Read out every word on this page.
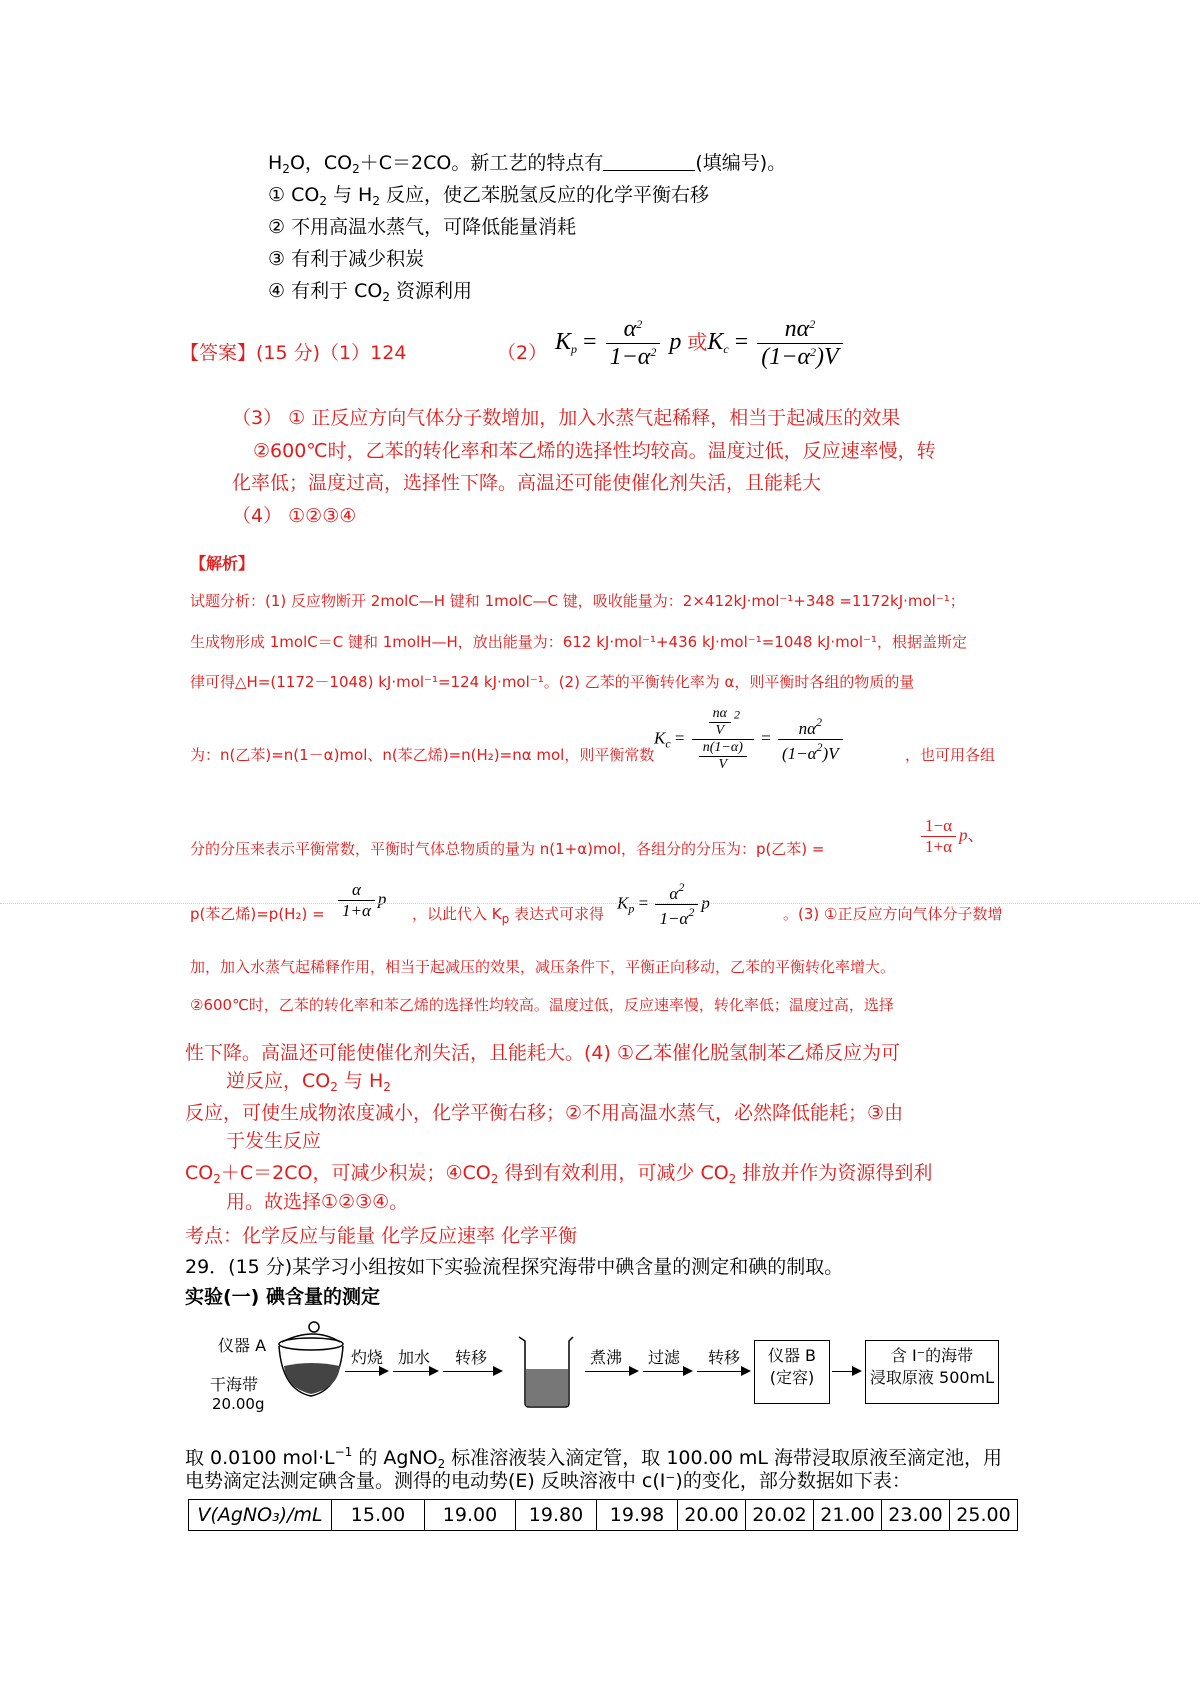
$H_2O$，$CO_2+C=2CO$。新工艺的特点有	(填编号)。
① $CO_2$ 与 $H_2$ 反应，使乙苯脱氢反应的化学平衡右移
② 不用高温水蒸气，可降低能量消耗
③ 有利于减少积炭
④ 有利于 $CO_2$ 资源利用
【答案】(15 分)（1）124	（2） $K_p = \frac{\alpha^2}{1-\alpha^2}$ p 或$K_c = \frac{n\alpha^2}{(1-\alpha^2)V}$
（3） ① 正反应方向气体分子数增加，加入水蒸气起稀释，相当于起减压的效果
②600℃时，乙苯的转化率和苯乙烯的选择性均较高。温度过低，反应速率慢，转
化率低；温度过高，选择性下降。高温还可能使催化剂失活，且能耗大
（4） ①②③④
【解析】
试题分析：(1) 反应物断开 2molC—H 键和 1molC—C 键，吸收能量为：2×412kJ·mol⁻¹+348 =1172kJ·mol⁻¹；
生成物形成 1molC＝C 键和 1molH—H，放出能量为：612 kJ·mol⁻¹+436 kJ·mol⁻¹=1048 kJ·mol⁻¹，根据盖斯定
律可得△H=(1172－1048) kJ·mol⁻¹=124 kJ·mol⁻¹。(2) 乙苯的平衡转化率为 α，则平衡时各组的物质的量
为：n(乙苯)=n(1－α)mol、n(苯乙烯)=n(H₂)=nα mol，则平衡常数
$K_c = \frac{\frac{n\alpha}{V} ^2}{\frac{n(1-\alpha)}{V}} = \frac{n\alpha^2}{(1-\alpha^2)V}$	，也可用各组
分的分压来表示平衡常数，平衡时气体总物质的量为 n(1+α)mol，各组分的分压为：p(乙苯) =	$\frac{1-\alpha}{1+\alpha}$ p、
p(苯乙烯)$=p(H_2) = \frac{\alpha}{1+\alpha}$ p
，以此代入 $K_p$ 表达式可求得
$K_p = \frac{\alpha^2}{1-\alpha^2}$ p
。(3) ①正反应方向气体分子数增
加，加入水蒸气起稀释作用，相当于起减压的效果，减压条件下，平衡正向移动，乙苯的平衡转化率增大。
②600℃时，乙苯的转化率和苯乙烯的选择性均较高。温度过低，反应速率慢，转化率低；温度过高，选择
性下降。高温还可能使催化剂失活，且能耗大。(4) ①乙苯催化脱氢制苯乙烯反应为可
逆反应，$CO_2$ 与 $H_2$
反应，可使生成物浓度减小，化学平衡右移；②不用高温水蒸气，必然降低能耗；③由
于发生反应
$CO_2+C=2CO$，可减少积炭；$④CO_2$ 得到有效利用，可减少 $CO_2$ 排放并作为资源得到利
用。故选择①②③④。
考点：化学反应与能量 化学反应速率 化学平衡
29．(15 分)某学习小组按如下实验流程探究海带中碘含量的测定和碘的制取。
实验(一) 碘含量的测定
仪器 A
干海带
20.00g
灼烧 加水 转移	煮沸 过滤 转移	仪器 B
(定容)
含 I⁻的海带
浸取原液 500mL
取 0.0100 $mol\cdot L^{-1}$ 的 AgNO$_2$ 标准溶液装入滴定管，取 100.00 mL 海带浸取原液至滴定池，用
电势滴定法测定碘含量。测得的电动势(E) 反映溶液中 c(I⁻)的变化，部分数据如下表：
V(AgNO₃)/mL	15.00	19.00	19.80	19.98	20.00	20.02	21.00	23.00	25.00
